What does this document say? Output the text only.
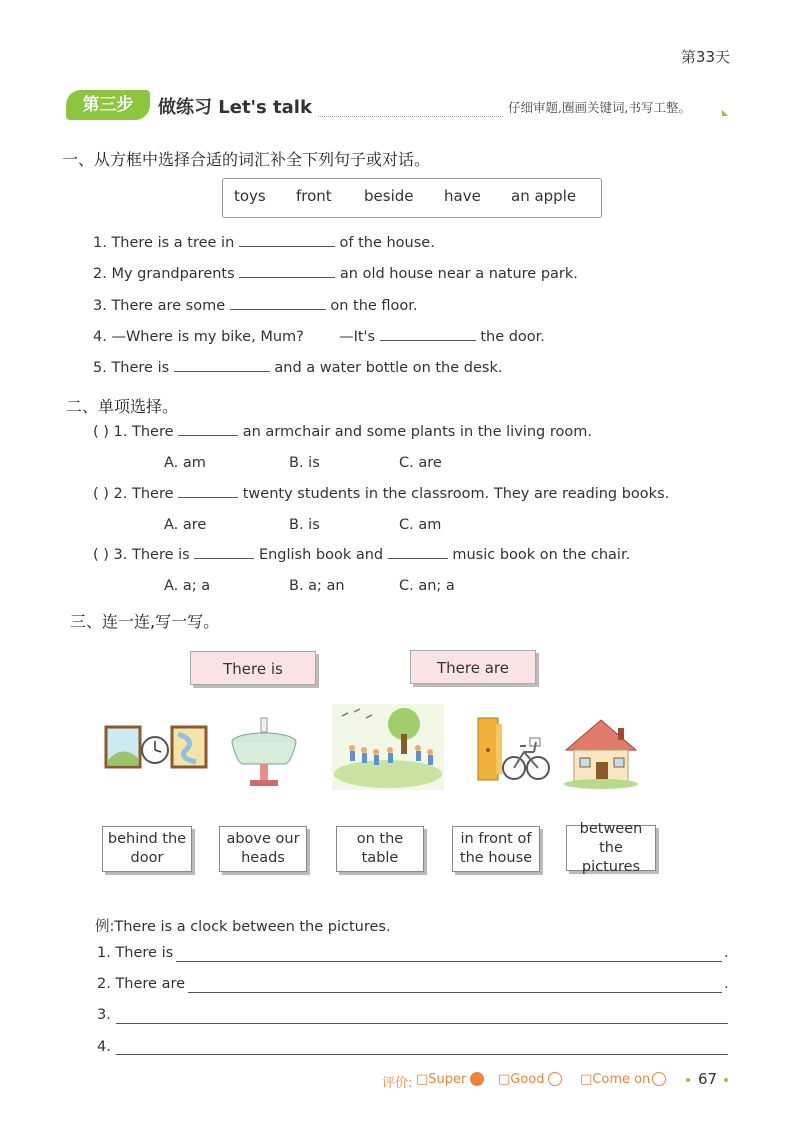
第33天
第三步	做练习 Let's talk	仔细审题,圈画关键词,书写工整。
一、从方框中选择合适的词汇补全下列句子或对话。
toys front beside have an apple
1. There is a tree in	of the house.
2. My grandparents	an old house near a nature park.
3. There are some	on the floor.
4. —Where is my bike, Mum? —It's	the door.
5. There is	and a water bottle on the desk.
二、单项选择。
( ) 1. There	an armchair and some plants in the living room.
A. am	B. is	C. are
( ) 2. There	twenty students in the classroom. They are reading books.
A. are	B. is	C. am
( ) 3. There is	English book and	music book on the chair.
A. a; a	B. a; an	C. an; a
三、连一连,写一写。
There is	There are
behind the
door
above our
heads
on the
table
in front of
the house
between the
pictures
例:There is a clock between the pictures.
1. There is	.
2. There are	.
3.
4.
评价: □Super □Good	□Come on	67
